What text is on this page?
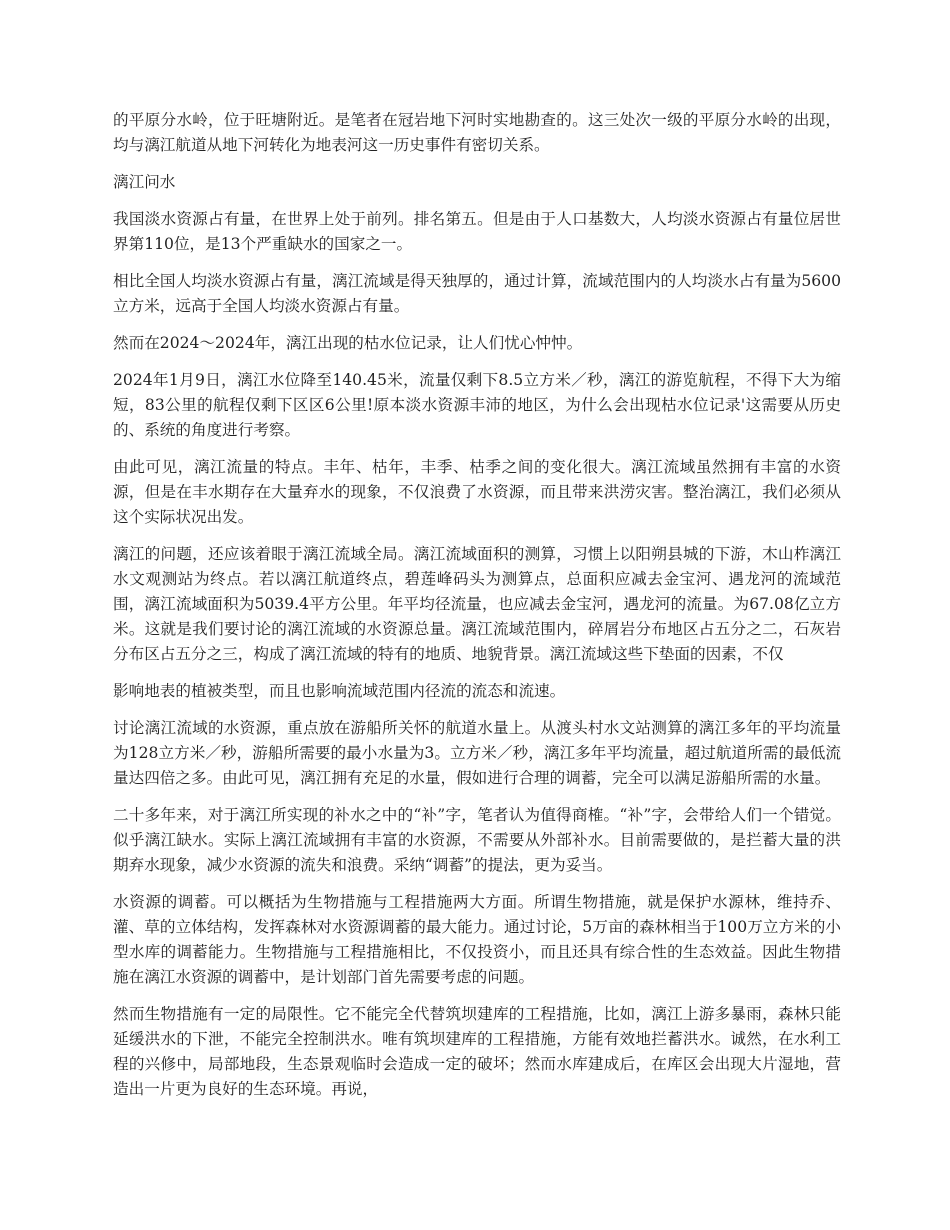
的平原分水岭，位于旺塘附近。是笔者在冠岩地下河时实地勘查的。这三处次一级的平原分水岭的出现，均与漓江航道从地下河转化为地表河这一历史事件有密切关系。

漓江问水

我国淡水资源占有量，在世界上处于前列。排名第五。但是由于人口基数大，人均淡水资源占有量位居世界第110位，是13个严重缺水的国家之一。

相比全国人均淡水资源占有量，漓江流域是得天独厚的，通过计算，流域范围内的人均淡水占有量为5600立方米，远高于全国人均淡水资源占有量。

然而在2024～2024年，漓江出现的枯水位记录，让人们忧心忡忡。

2024年1月9日，漓江水位降至140.45米，流量仅剩下8.5立方米／秒，漓江的游览航程，不得下大为缩短，83公里的航程仅剩下区区6公里!原本淡水资源丰沛的地区，为什么会出现枯水位记录'这需要从历史的、系统的角度进行考察。

由此可见，漓江流量的特点。丰年、枯年，丰季、枯季之间的变化很大。漓江流域虽然拥有丰富的水资源，但是在丰水期存在大量弃水的现象，不仅浪费了水资源，而且带来洪涝灾害。整治漓江，我们必须从这个实际状况出发。

漓江的问题，还应该着眼于漓江流域全局。漓江流域面积的测算，习惯上以阳朔县城的下游，木山柞漓江水文观测站为终点。若以漓江航道终点，碧莲峰码头为测算点，总面积应减去金宝河、遇龙河的流域范围，漓江流域面积为5039.4平方公里。年平均径流量，也应减去金宝河，遇龙河的流量。为67.08亿立方米。这就是我们要讨论的漓江流域的水资源总量。漓江流域范围内，碎屑岩分布地区占五分之二，石灰岩分布区占五分之三，构成了漓江流域的特有的地质、地貌背景。漓江流域这些下垫面的因素，不仅

影响地表的植被类型，而且也影响流域范围内径流的流态和流速。

讨论漓江流域的水资源，重点放在游船所关怀的航道水量上。从渡头村水文站测算的漓江多年的平均流量为128立方米／秒，游船所需要的最小水量为3。立方米／秒，漓江多年平均流量，超过航道所需的最低流量达四倍之多。由此可见，漓江拥有充足的水量，假如进行合理的调蓄，完全可以满足游船所需的水量。

二十多年来，对于漓江所实现的补水之中的“补”字，笔者认为值得商榷。“补”字，会带给人们一个错觉。似乎漓江缺水。实际上漓江流域拥有丰富的水资源，不需要从外部补水。目前需要做的，是拦蓄大量的洪期弃水现象，减少水资源的流失和浪费。采纳“调蓄”的提法，更为妥当。

水资源的调蓄。可以概括为生物措施与工程措施两大方面。所谓生物措施，就是保护水源林，维持乔、灌、草的立体结构，发挥森林对水资源调蓄的最大能力。通过讨论，5万亩的森林相当于100万立方米的小型水库的调蓄能力。生物措施与工程措施相比，不仅投资小，而且还具有综合性的生态效益。因此生物措施在漓江水资源的调蓄中，是计划部门首先需要考虑的问题。

然而生物措施有一定的局限性。它不能完全代替筑坝建库的工程措施，比如，漓江上游多暴雨，森林只能延缓洪水的下泄，不能完全控制洪水。唯有筑坝建库的工程措施，方能有效地拦蓄洪水。诚然，在水利工程的兴修中，局部地段，生态景观临时会造成一定的破坏；然而水库建成后，在库区会出现大片湿地，营造出一片更为良好的生态环境。再说，
